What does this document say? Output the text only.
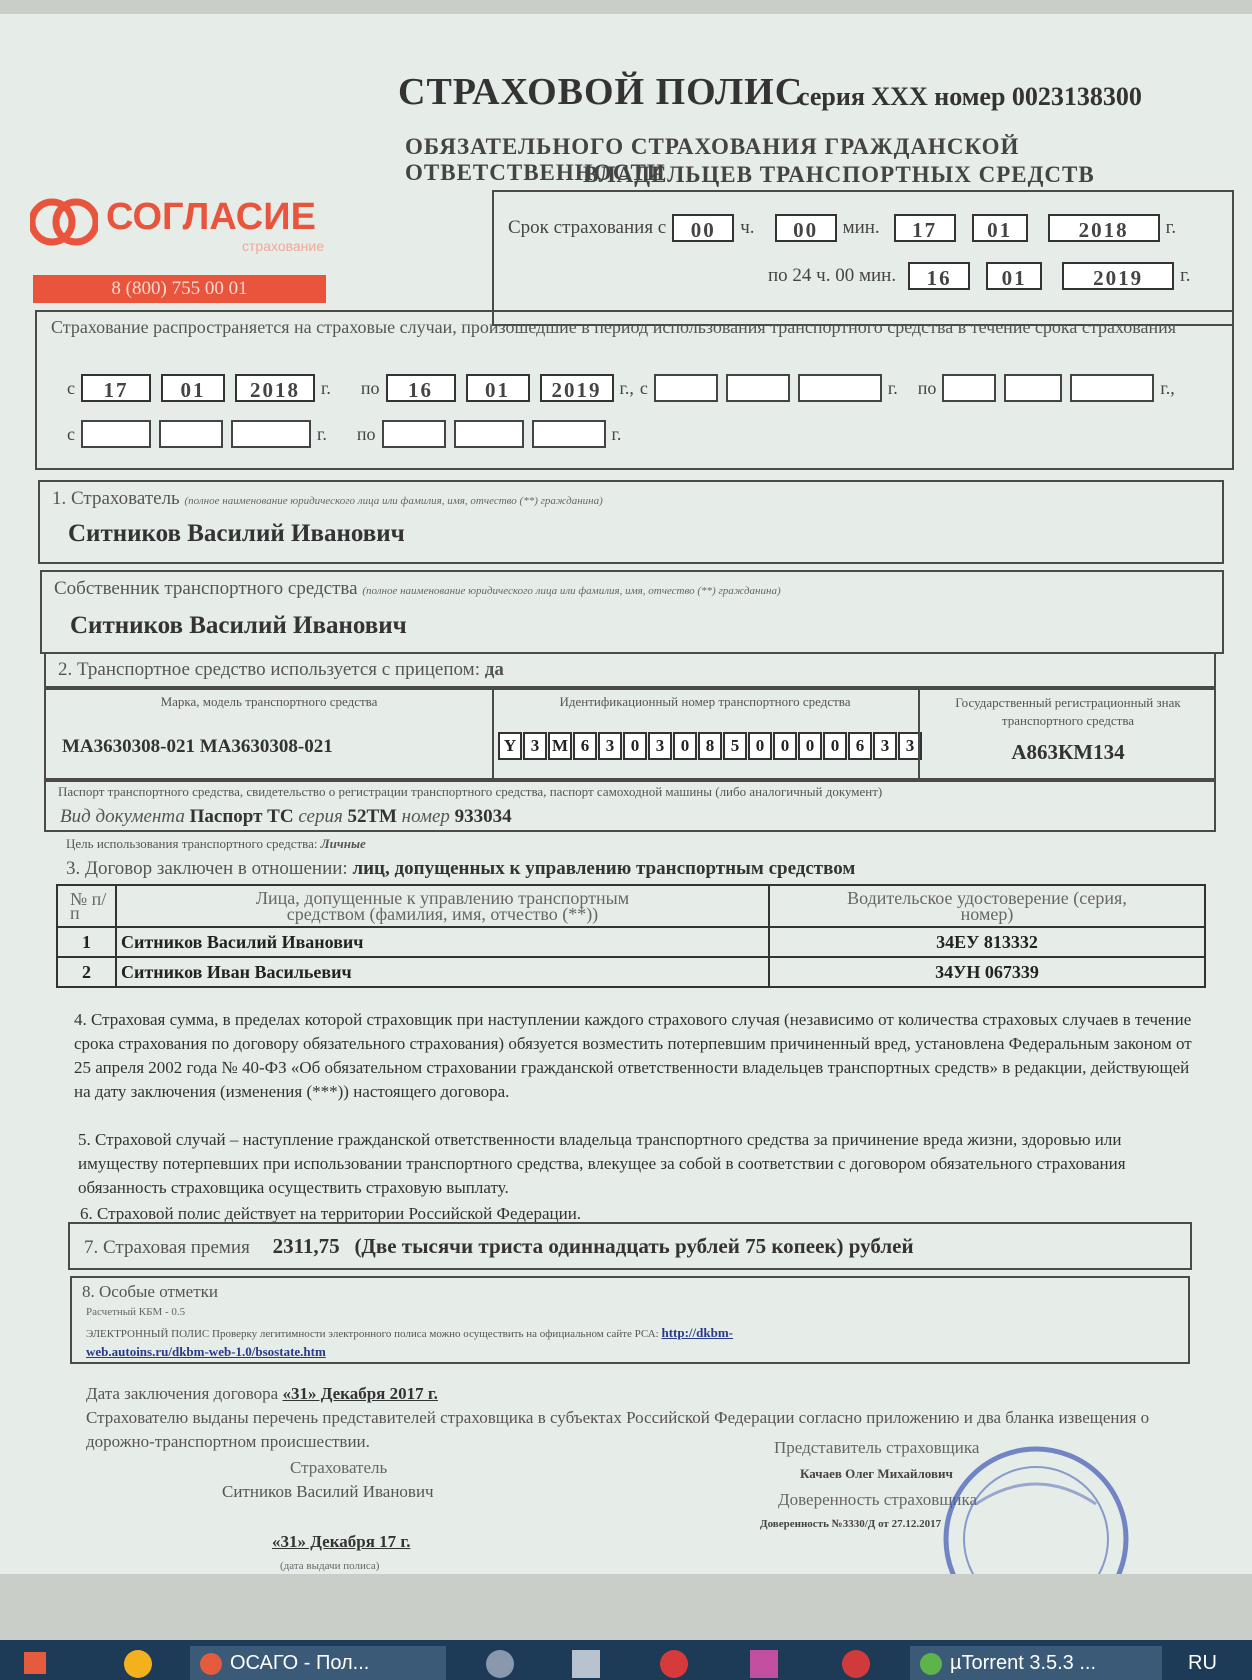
СТРАХОВОЙ ПОЛИС
серия ХХХ номер 0023138300
ОБЯЗАТЕЛЬНОГО СТРАХОВАНИЯ ГРАЖДАНСКОЙ ОТВЕТСТВЕННОСТИ
ВЛАДЕЛЬЦЕВ ТРАНСПОРТНЫХ СРЕДСТВ
СОГЛАСИЕ
страхование
8 (800) 755 00 01
Срок страхования с	00	ч.	00	мин.	17	01	2018	г.
по 24 ч. 00 мин.	16	01	2019	г.
Страхование распространяется на страховые случаи, произошедшие в период использования транспортного средства в течение срока страхования
с	17	01	2018	г. по	16	01	2019	г., с	г. по	г.,
с	г. по	г.
1. Страхователь (полное наименование юридического лица или фамилия, имя, отчество (**) гражданина)
Ситников Василий Иванович
Собственник транспортного средства (полное наименование юридического лица или фамилия, имя, отчество (**) гражданина)
Ситников Василий Иванович
2. Транспортное средство используется с прицепом: да
Марка, модель транспортного средства
МА3630308-021 МА3630308-021
Идентификационный номер транспортного средства
Y 3 M 6 3 0 3 0 8 5 0 0 0 0 6 3 3
Государственный регистрационный знак транспортного средства
А863КМ134
Паспорт транспортного средства, свидетельство о регистрации транспортного средства, паспорт самоходной машины (либо аналогичный документ)
Вид документа Паспорт ТС серия 52ТМ номер 933034
Цель использования транспортного средства: Личные
3. Договор заключен в отношении: лиц, допущенных к управлению транспортным средством
№ п/п	Лица, допущенные к управлению транспортным средством (фамилия, имя, отчество (**))	Водительское удостоверение (серия, номер)
1	Ситников Василий Иванович	34ЕУ 813332
2	Ситников Иван Васильевич	34УН 067339
4. Страховая сумма, в пределах которой страховщик при наступлении каждого страхового случая (независимо от количества страховых случаев в течение срока страхования по договору обязательного страхования) обязуется возместить потерпевшим причиненный вред, установлена Федеральным законом от 25 апреля 2002 года № 40-ФЗ «Об обязательном страховании гражданской ответственности владельцев транспортных средств» в редакции, действующей на дату заключения (изменения (***)) настоящего договора.
5. Страховой случай – наступление гражданской ответственности владельца транспортного средства за причинение вреда жизни, здоровью или имуществу потерпевших при использовании транспортного средства, влекущее за собой в соответствии с договором обязательного страхования обязанность страховщика осуществить страховую выплату.
6. Страховой полис действует на территории Российской Федерации.
7. Страховая премия 2311,75 (Две тысячи триста одиннадцать рублей 75 копеек) рублей
8. Особые отметки
Расчетный КБМ - 0.5
ЭЛЕКТРОННЫЙ ПОЛИС Проверку легитимности электронного полиса можно осуществить на официальном сайте РСА: http://dkbm-
web.autoins.ru/dkbm-web-1.0/bsostate.htm
Дата заключения договора «31» Декабря 2017 г.
Страхователю выданы перечень представителей страховщика в субъектах Российской Федерации согласно приложению и два бланка извещения о дорожно-транспортном происшествии.
Страхователь
Ситников Василий Иванович
«31» Декабря 17 г.
(дата выдачи полиса)
Представитель страховщика
Качаев Олег Михайлович
Доверенность страховщика
Доверенность №3330/Д от 27.12.2017
ОСАГО - Пол...	µTorrent 3.5.3 ...	RU
